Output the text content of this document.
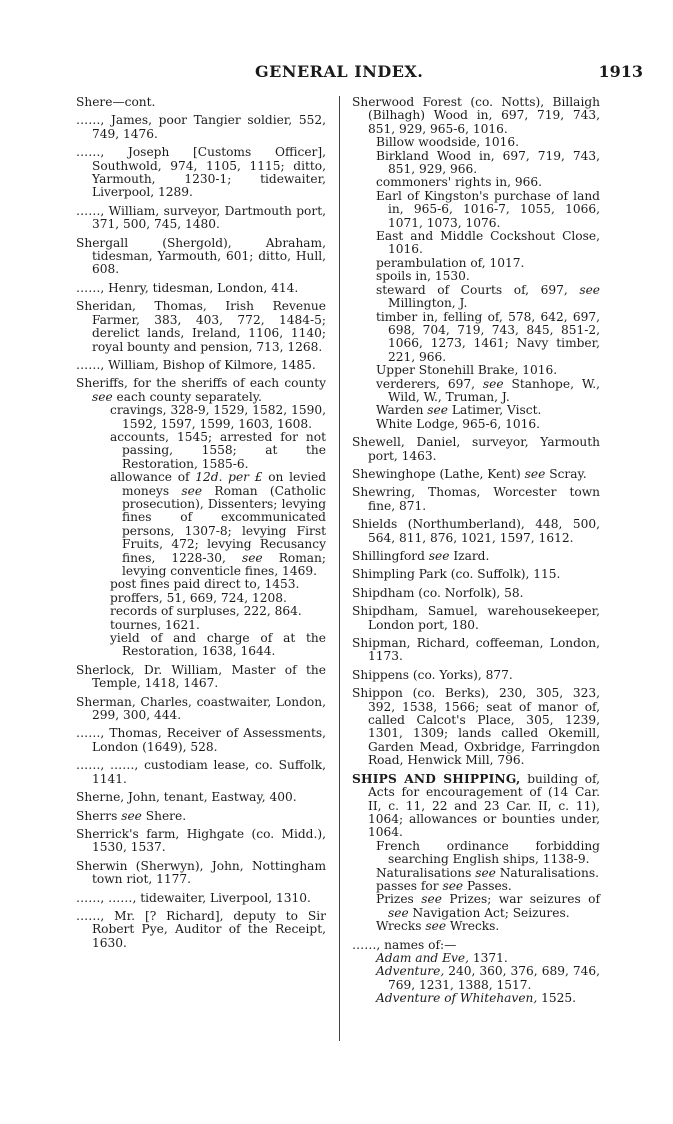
GENERAL INDEX.	1913
Shere—cont.
……, James, poor Tangier soldier, 552, 749, 1476.
……, Joseph [Customs Officer], Southwold, 974, 1105, 1115; ditto, Yarmouth, 1230-1; tidewaiter, Liverpool, 1289.
……, William, surveyor, Dartmouth port, 371, 500, 745, 1480.
Shergall (Shergold), Abraham, tidesman, Yarmouth, 601; ditto, Hull, 608.
……, Henry, tidesman, London, 414.
Sheridan, Thomas, Irish Revenue Farmer, 383, 403, 772, 1484-5; derelict lands, Ireland, 1106, 1140; royal bounty and pension, 713, 1268.
……, William, Bishop of Kilmore, 1485.
Sheriffs, for the sheriffs of each county see each county separately.
cravings, 328-9, 1529, 1582, 1590, 1592, 1597, 1599, 1603, 1608.
accounts, 1545; arrested for not passing, 1558; at the Restoration, 1585-6.
allowance of 12d. per £ on levied moneys see Roman (Catholic prosecution), Dissenters; levying fines of excommunicated persons, 1307-8; levying First Fruits, 472; levying Recusancy fines, 1228-30, see Roman; levying conventicle fines, 1469.
post fines paid direct to, 1453.
proffers, 51, 669, 724, 1208.
records of surpluses, 222, 864.
tournes, 1621.
yield of and charge of at the Restoration, 1638, 1644.
Sherlock, Dr. William, Master of the Temple, 1418, 1467.
Sherman, Charles, coastwaiter, London, 299, 300, 444.
……, Thomas, Receiver of Assessments, London (1649), 528.
……, ……, custodiam lease, co. Suffolk, 1141.
Sherne, John, tenant, Eastway, 400.
Sherrs see Shere.
Sherrick's farm, Highgate (co. Midd.), 1530, 1537.
Sherwin (Sherwyn), John, Nottingham town riot, 1177.
……, ……, tidewaiter, Liverpool, 1310.
……, Mr. [? Richard], deputy to Sir Robert Pye, Auditor of the Receipt, 1630.
Sherwood Forest (co. Notts), Billaigh (Bilhagh) Wood in, 697, 719, 743, 851, 929, 965-6, 1016.
Billow woodside, 1016.
Birkland Wood in, 697, 719, 743, 851, 929, 966.
commoners' rights in, 966.
Earl of Kingston's purchase of land in, 965-6, 1016-7, 1055, 1066, 1071, 1073, 1076.
East and Middle Cockshout Close, 1016.
perambulation of, 1017.
spoils in, 1530.
steward of Courts of, 697, see Millington, J.
timber in, felling of, 578, 642, 697, 698, 704, 719, 743, 845, 851-2, 1066, 1273, 1461; Navy timber, 221, 966.
Upper Stonehill Brake, 1016.
verderers, 697, see Stanhope, W., Wild, W., Truman, J.
Warden see Latimer, Visct.
White Lodge, 965-6, 1016.
Shewell, Daniel, surveyor, Yarmouth port, 1463.
Shewinghope (Lathe, Kent) see Scray.
Shewring, Thomas, Worcester town fine, 871.
Shields (Northumberland), 448, 500, 564, 811, 876, 1021, 1597, 1612.
Shillingford see Izard.
Shimpling Park (co. Suffolk), 115.
Shipdham (co. Norfolk), 58.
Shipdham, Samuel, warehousekeeper, London port, 180.
Shipman, Richard, coffeeman, London, 1173.
Shippens (co. Yorks), 877.
Shippon (co. Berks), 230, 305, 323, 392, 1538, 1566; seat of manor of, called Calcot's Place, 305, 1239, 1301, 1309; lands called Okemill, Garden Mead, Oxbridge, Farringdon Road, Henwick Mill, 796.
SHIPS AND SHIPPING, building of, Acts for encouragement of (14 Car. II, c. 11, 22 and 23 Car. II, c. 11), 1064; allowances or bounties under, 1064.
French ordinance forbidding searching English ships, 1138-9.
Naturalisations see Naturalisations.
passes for see Passes.
Prizes see Prizes; war seizures of see Navigation Act; Seizures.
Wrecks see Wrecks.
……, names of:—
Adam and Eve, 1371.
Adventure, 240, 360, 376, 689, 746, 769, 1231, 1388, 1517.
Adventure of Whitehaven, 1525.
